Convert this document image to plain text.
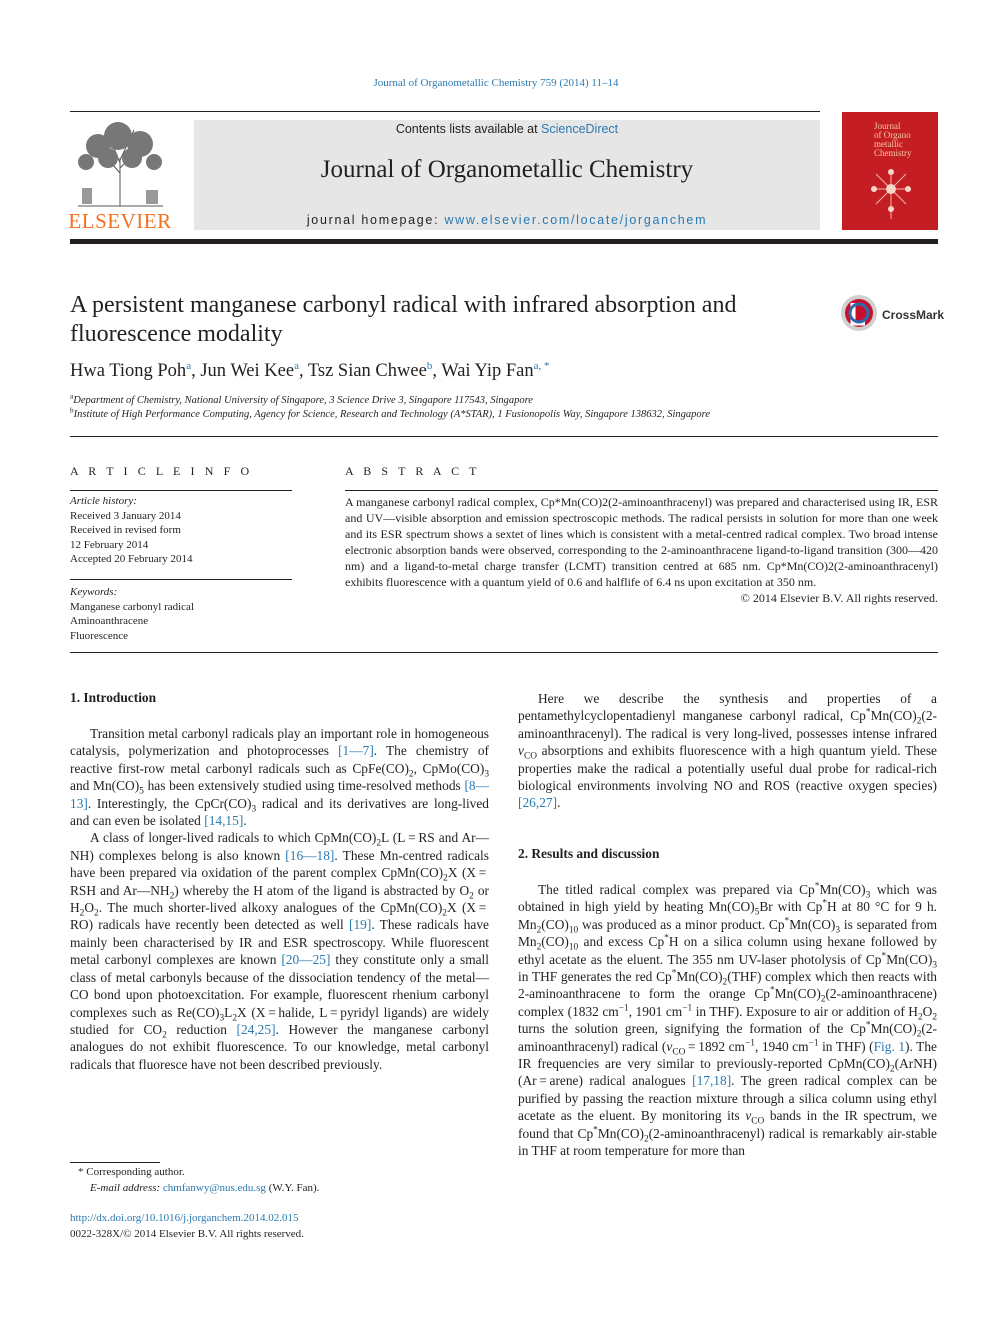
Journal of Organometallic Chemistry 759 (2014) 11–14
ELSEVIER
Contents lists available at ScienceDirect
Journal of Organometallic Chemistry
journal homepage: www.elsevier.com/locate/jorganchem
Journal
of Organo
metallic
Chemistry
A persistent manganese carbonyl radical with infrared absorption and fluorescence modality
CrossMark
Hwa Tiong Poh$^a$, Jun Wei Kee$^a$, Tsz Sian Chwee$^b$, Wai Yip Fan$^{a, *}$
$^a$Department of Chemistry, National University of Singapore, 3 Science Drive 3, Singapore 117543, Singapore
$^b$Institute of High Performance Computing, Agency for Science, Research and Technology (A*STAR), 1 Fusionopolis Way, Singapore 138632, Singapore
A R T I C L E I N F O	A B S T R A C T
Article history:
Received 3 January 2014
Received in revised form
12 February 2014
Accepted 20 February 2014
Keywords:
Manganese carbonyl radical
Aminoanthracene
Fluorescence
A manganese carbonyl radical complex, Cp*Mn(CO)2(2-aminoanthracenyl) was prepared and characterised using IR, ESR and UV—visible absorption and emission spectroscopic methods. The radical persists in solution for more than one week and its ESR spectrum shows a sextet of lines which is consistent with a metal-centred radical complex. Two broad intense electronic absorption bands were observed, corresponding to the 2-aminoanthracene ligand-to-ligand transition (300—420 nm) and a ligand-to-metal charge transfer (LCMT) transition centred at 685 nm. Cp*Mn(CO)2(2-aminoanthracenyl) exhibits fluorescence with a quantum yield of 0.6 and halflife of 6.4 ns upon excitation at 350 nm.
© 2014 Elsevier B.V. All rights reserved.
1. Introduction

Transition metal carbonyl radicals play an important role in homogeneous catalysis, polymerization and photoprocesses [1—7]. The chemistry of reactive first-row metal carbonyl radicals such as $CpFe(CO)_2$, $CpMo(CO)_3$ and $Mn(CO)_5$ has been extensively studied using time-resolved methods [8—13]. Interestingly, the $CpCr(CO)_3$ radical and its derivatives are long-lived and can even be isolated [14,15].

A class of longer-lived radicals to which $CpMn(CO)_2L$ (L = RS and Ar—NH) complexes belong is also known [16—18]. These Mn-centred radicals have been prepared via oxidation of the parent complex $CpMn(CO)_2X$ (X = RSH and $Ar—NH_2$) whereby the H atom of the ligand is abstracted by $O_2$ or $H_2O_2$. The much shorter-lived alkoxy analogues of the $CpMn(CO)_2X$ (X = RO) radicals have recently been detected as well [19]. These radicals have mainly been characterised by IR and ESR spectroscopy. While fluorescent metal carbonyl complexes are known [20—25] they constitute only a small class of metal carbonyls because of the dissociation tendency of the metal—CO bond upon photoexcitation. For example, fluorescent rhenium carbonyl complexes such as $Re(CO)_3L_2X$ (X = halide, L = pyridyl ligands) are widely studied for $CO_2$ reduction [24,25]. However the manganese carbonyl analogues do not exhibit fluorescence. To our knowledge, metal carbonyl radicals that fluoresce have not been described previously.

Here we describe the synthesis and properties of a pentamethylcyclopentadienyl manganese carbonyl radical, $Cp^*Mn(CO)_2(2-aminoanthracenyl)$. The radical is very long-lived, possesses intense infrared $\nu_{CO}$ absorptions and exhibits fluorescence with a high quantum yield. These properties make the radical a potentially useful dual probe for radical-rich biological environments involving NO and ROS (reactive oxygen species) [26,27].

2. Results and discussion

The titled radical complex was prepared via $Cp^*Mn(CO)_3$ which was obtained in high yield by heating $Mn(CO)_5Br$ with Cp*H at 80 °C for 9 h. $Mn_2(CO)_{10}$ was produced as a minor product. $Cp^*Mn(CO)_3$ is separated from $Mn_2(CO)_{10}$ and excess Cp*H on a silica column using hexane followed by ethyl acetate as the eluent. The 355 nm UV-laser photolysis of $Cp^*Mn(CO)_3$ in THF generates the red $Cp^*Mn(CO)_2(THF)$ complex which then reacts with 2-aminoanthracene to form the orange $Cp^*Mn(CO)_2(2-aminoanthracene)$ complex (1832 $cm^{-1}$, 1901 $cm^{-1}$ in THF). Exposure to air or addition of $H_2O_2$ turns the solution green, signifying the formation of the $Cp^*Mn(CO)_2(2-aminoanthracenyl)$ radical ($\nu_{CO} = 1892$ $cm^{-1}$, 1940 $cm^{-1}$ in THF) (Fig. 1). The IR frequencies are very similar to previously-reported $CpMn(CO)_2(ArNH) (Ar$ = arene) radical analogues [17,18]. The green radical complex can be purified by passing the reaction mixture through a silica column using ethyl acetate as the eluent. By monitoring its $\nu_{CO}$ bands in the IR spectrum, we found that $Cp^*Mn(CO)_2(2-aminoanthracenyl)$ radical is remarkably air-stable in THF at room temperature for more than

* Corresponding author.
E-mail address: chmfanwy@nus.edu.sg (W.Y. Fan).
http://dx.doi.org/10.1016/j.jorganchem.2014.02.015
0022-328X/© 2014 Elsevier B.V. All rights reserved.
